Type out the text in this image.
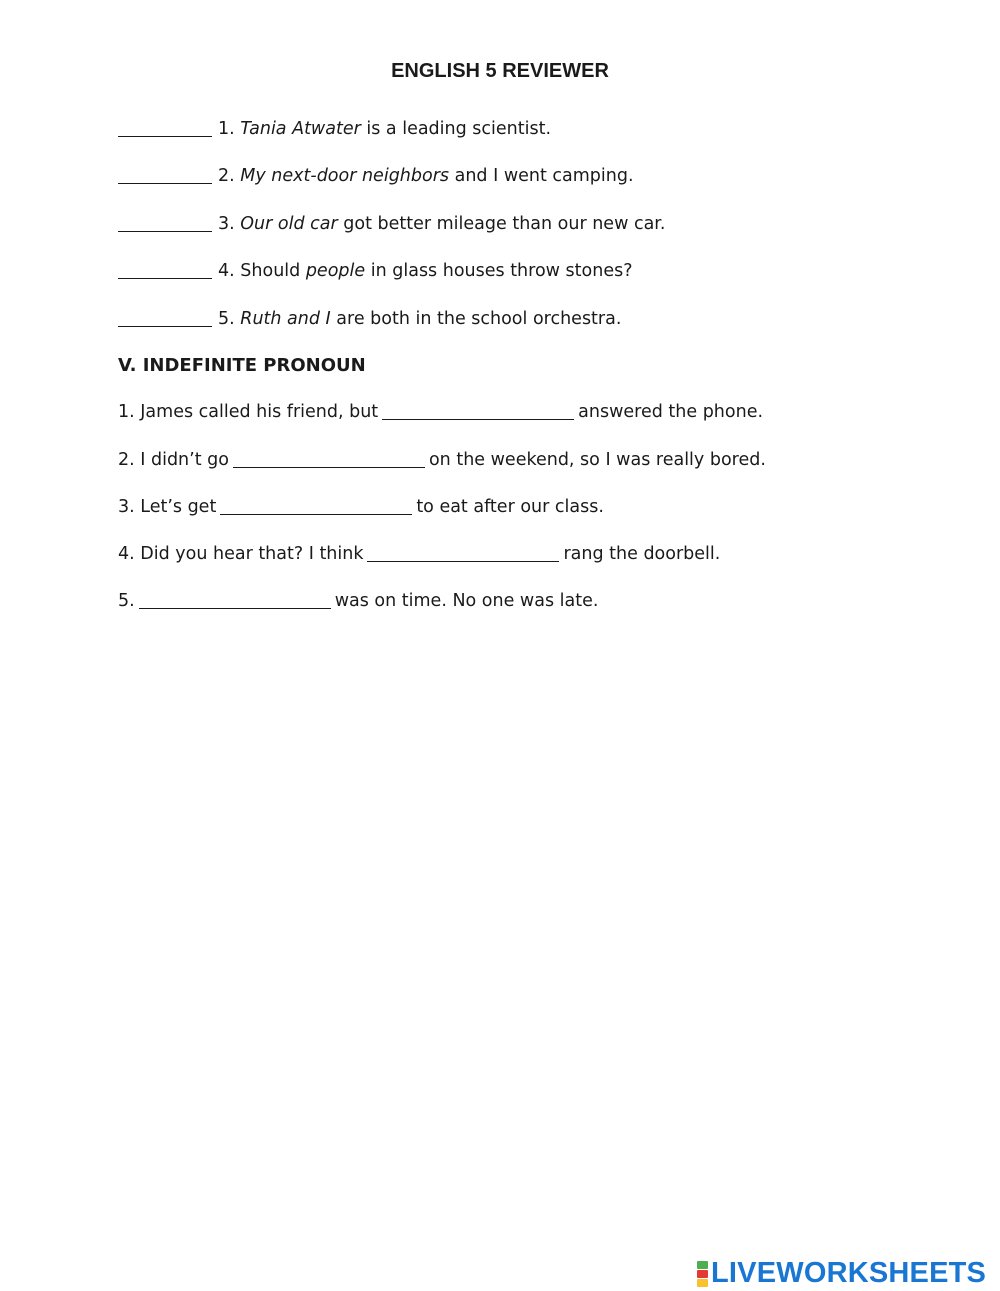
ENGLISH 5 REVIEWER
1. Tania Atwater is a leading scientist.
2. My next-door neighbors and I went camping.
3. Our old car got better mileage than our new car.
4. Should people in glass houses throw stones?
5. Ruth and I are both in the school orchestra.
V. INDEFINITE PRONOUN
1. James called his friend, but	answered the phone.
2. I didn’t go	on the weekend, so I was really bored.
3. Let’s get	to eat after our class.
4. Did you hear that? I think	rang the doorbell.
5.	was on time. No one was late.
LIVEWORKSHEETS
